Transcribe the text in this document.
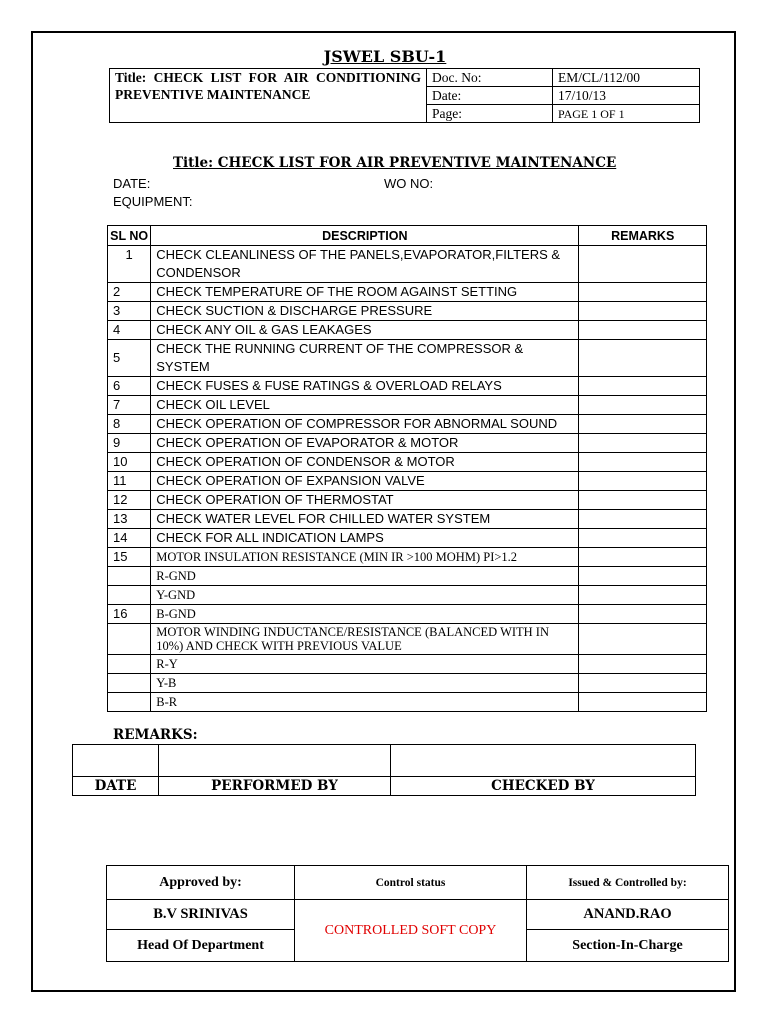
JSWEL SBU-1
Title: CHECK LIST FOR AIR CONDITIONING PREVENTIVE MAINTENANCE	Doc. No:	EM/CL/112/00
	Date:	17/10/13
	Page:	PAGE 1 OF 1
Title: CHECK LIST FOR AIR PREVENTIVE MAINTENANCE
DATE:	WO NO:
EQUIPMENT:
SL NO	DESCRIPTION	REMARKS
1	CHECK CLEANLINESS OF THE PANELS,EVAPORATOR,FILTERS & CONDENSOR	
2	CHECK TEMPERATURE OF THE ROOM AGAINST SETTING	
3	CHECK SUCTION & DISCHARGE PRESSURE	
4	CHECK ANY OIL & GAS LEAKAGES	
5	CHECK THE RUNNING CURRENT OF THE COMPRESSOR & SYSTEM	
6	CHECK FUSES & FUSE RATINGS & OVERLOAD RELAYS	
7	CHECK OIL LEVEL	
8	CHECK OPERATION OF COMPRESSOR FOR ABNORMAL SOUND	
9	CHECK OPERATION OF EVAPORATOR & MOTOR	
10	CHECK OPERATION OF CONDENSOR & MOTOR	
11	CHECK OPERATION OF EXPANSION VALVE	
12	CHECK OPERATION OF THERMOSTAT	
13	CHECK WATER LEVEL FOR CHILLED WATER SYSTEM	
14	CHECK FOR ALL INDICATION LAMPS	
15	MOTOR INSULATION RESISTANCE (MIN IR >100 MOHM) PI>1.2	
	R-GND	
	Y-GND	
16	B-GND	
	MOTOR WINDING INDUCTANCE/RESISTANCE (BALANCED WITH IN 10%) AND CHECK WITH PREVIOUS VALUE	
	R-Y	
	Y-B	
	B-R	
REMARKS:

DATE	PERFORMED BY	CHECKED BY
Approved by:	Control status	Issued & Controlled by:
B.V SRINIVAS	CONTROLLED SOFT COPY	ANAND.RAO
Head Of Department		Section-In-Charge
